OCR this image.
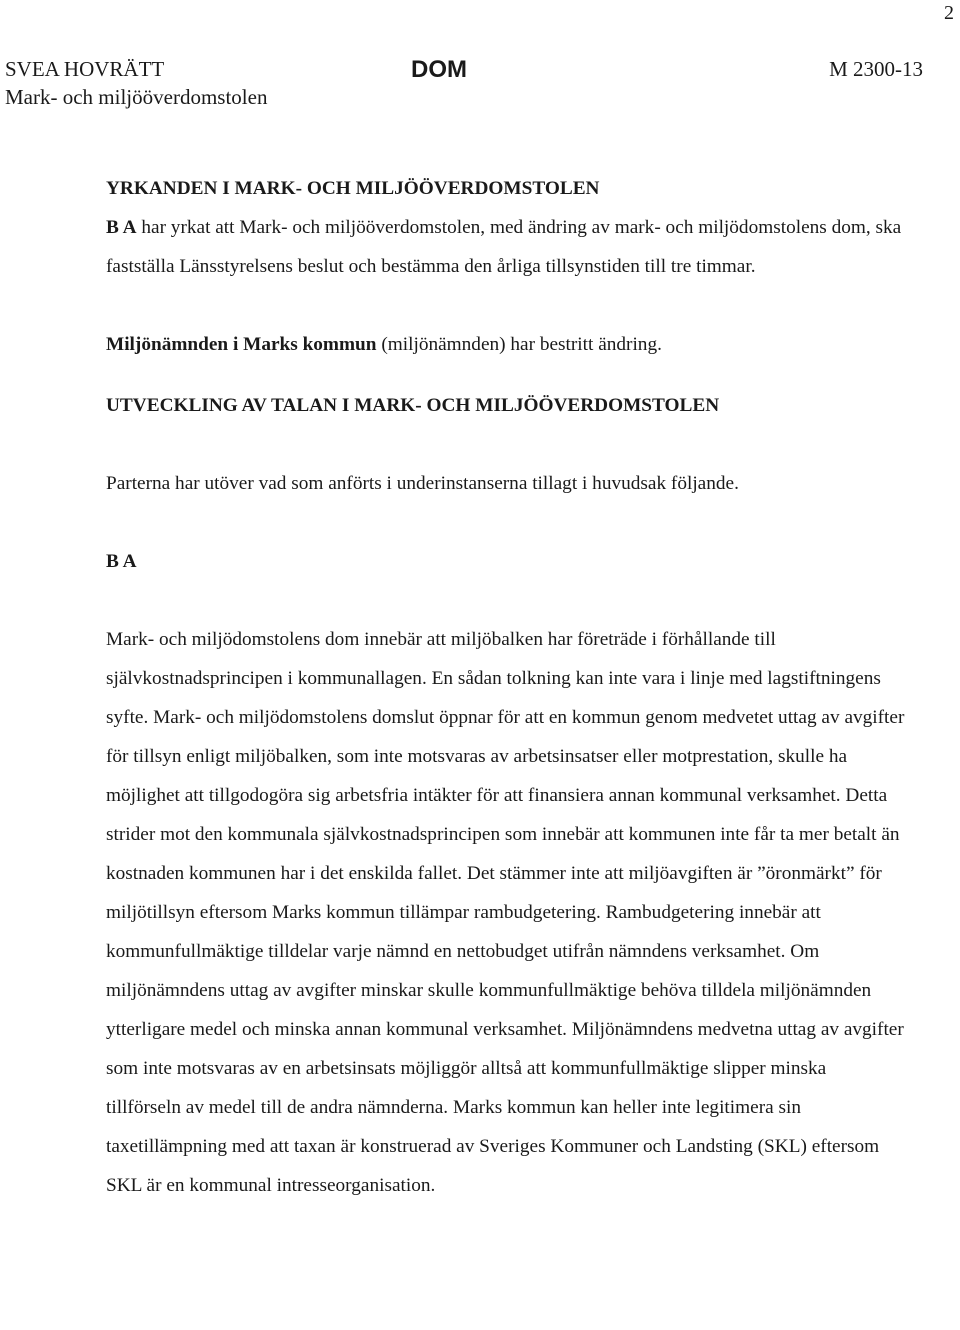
2
SVEA HOVRÄTT
Mark- och miljööverdomstolen
DOM	M 2300-13

YRKANDEN I MARK- OCH MILJÖÖVERDOMSTOLEN

B A har yrkat att Mark- och miljööverdomstolen, med ändring av mark- och miljödomstolens dom, ska fastställa Länsstyrelsens beslut och bestämma den årliga tillsynstiden till tre timmar.

Miljönämnden i Marks kommun (miljönämnden) har bestritt ändring.

UTVECKLING AV TALAN I MARK- OCH MILJÖÖVERDOMSTOLEN

Parterna har utöver vad som anförts i underinstanserna tillagt i huvudsak följande.

B A

Mark- och miljödomstolens dom innebär att miljöbalken har företräde i förhållande till självkostnadsprincipen i kommunallagen. En sådan tolkning kan inte vara i linje med lagstiftningens syfte. Mark- och miljödomstolens domslut öppnar för att en kommun genom medvetet uttag av avgifter för tillsyn enligt miljöbalken, som inte motsvaras av arbetsinsatser eller motprestation, skulle ha möjlighet att tillgodogöra sig arbetsfria intäkter för att finansiera annan kommunal verksamhet. Detta strider mot den kommunala självkostnadsprincipen som innebär att kommunen inte får ta mer betalt än kostnaden kommunen har i det enskilda fallet. Det stämmer inte att miljöavgiften är ”öronmärkt” för miljötillsyn eftersom Marks kommun tillämpar rambudgetering. Rambudgetering innebär att kommunfullmäktige tilldelar varje nämnd en nettobudget utifrån nämndens verksamhet. Om miljönämndens uttag av avgifter minskar skulle kommunfullmäktige behöva tilldela miljönämnden ytterligare medel och minska annan kommunal verksamhet. Miljönämndens medvetna uttag av avgifter som inte motsvaras av en arbetsinsats möjliggör alltså att kommunfullmäktige slipper minska tillförseln av medel till de andra nämnderna. Marks kommun kan heller inte legitimera sin taxetillämpning med att taxan är konstruerad av Sveriges Kommuner och Landsting (SKL) eftersom SKL är en kommunal intresseorganisation.
